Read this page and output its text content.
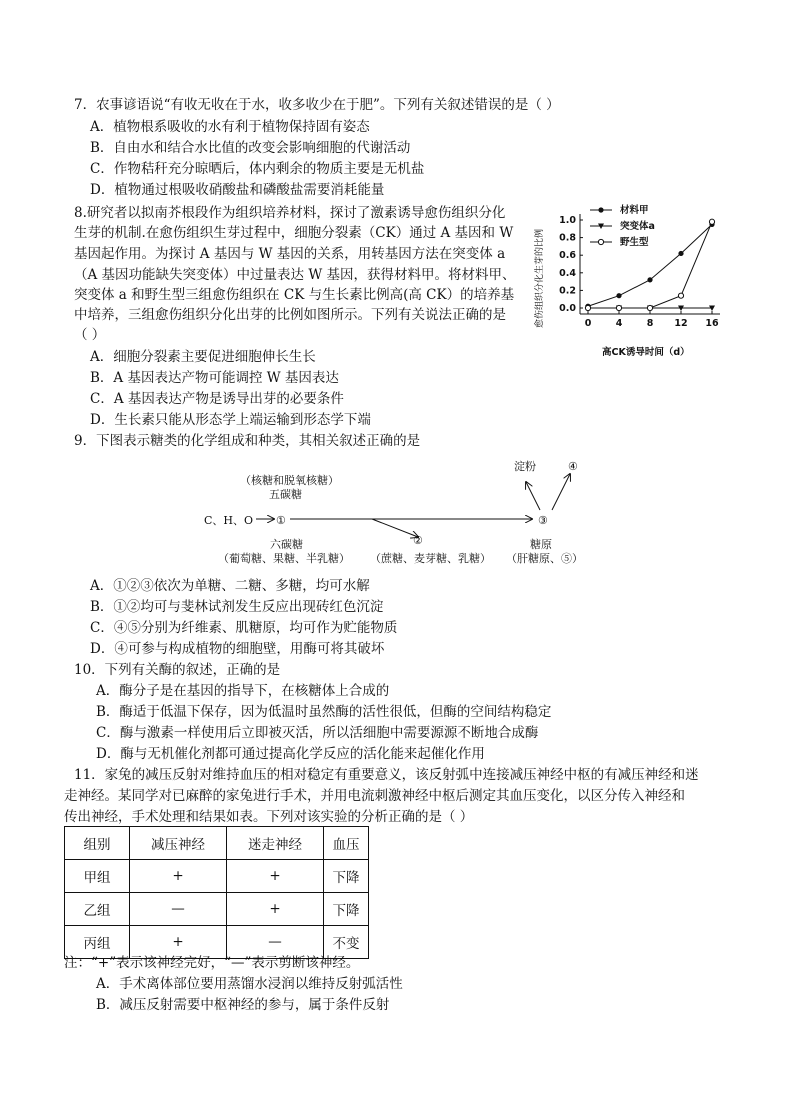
7．农事谚语说“有收无收在于水，收多收少在于肥”。下列有关叙述错误的是（ ）
A．植物根系吸收的水有利于植物保持固有姿态
B．自由水和结合水比值的改变会影响细胞的代谢活动
C．作物秸秆充分晾晒后，体内剩余的物质主要是无机盐
D．植物通过根吸收硝酸盐和磷酸盐需要消耗能量
8.研究者以拟南芥根段作为组织培养材料，探讨了激素诱导愈伤组织分化
生芽的机制.在愈伤组织生芽过程中，细胞分裂素（CK）通过 A 基因和 W
基因起作用。为探讨 A 基因与 W 基因的关系，用转基因方法在突变体 a
（A 基因功能缺失突变体）中过量表达 W 基因，获得材料甲。将材料甲、
突变体 a 和野生型三组愈伤组织在 CK 与生长素比例高(高 CK）的培养基
中培养，三组愈伤组织分化出芽的比例如图所示。下列有关说法正确的是
（ ）
A．细胞分裂素主要促进细胞伸长生长
B．A 基因表达产物可能调控 W 基因表达
C．A 基因表达产物是诱导出芽的必要条件
D．生长素只能从形态学上端运输到形态学下端
愈伤组织分化生芽的比例 0.0
0.2
0.4
0.6
0.8
1.0
0	4	8 12 16
材料甲
突变体a
野生型
高CK诱导时间（d）
9．下图表示糖类的化学组成和种类，其相关叙述正确的是
（核糖和脱氧核糖）
五碳糖
C、H、O ①
②
③
淀粉	④
六碳糖
（葡萄糖、果糖、半乳糖） （蔗糖、麦芽糖、乳糖）
糖原
（肝糖原、⑤）
A．①②③依次为单糖、二糖、多糖，均可水解
B．①②均可与斐林试剂发生反应出现砖红色沉淀
C．④⑤分别为纤维素、肌糖原，均可作为贮能物质
D．④可参与构成植物的细胞壁，用酶可将其破坏
10．下列有关酶的叙述，正确的是
A．酶分子是在基因的指导下，在核糖体上合成的
B．酶适于低温下保存，因为低温时虽然酶的活性很低，但酶的空间结构稳定
C．酶与激素一样使用后立即被灭活，所以活细胞中需要源源不断地合成酶
D．酶与无机催化剂都可通过提高化学反应的活化能来起催化作用
11．家兔的减压反射对维持血压的相对稳定有重要意义，该反射弧中连接减压神经中枢的有减压神经和迷
走神经。某同学对已麻醉的家兔进行手术，并用电流刺激神经中枢后测定其血压变化，以区分传入神经和
传出神经，手术处理和结果如表。下列对该实验的分析正确的是（ ）
组别	减压神经	迷走神经	血压
甲组	+	+	下降
乙组	—	+	下降
丙组	+	—	不变
注：“+”表示该神经完好，“—”表示剪断该神经。
A．手术离体部位要用蒸馏水浸润以维持反射弧活性
B．减压反射需要中枢神经的参与，属于条件反射
